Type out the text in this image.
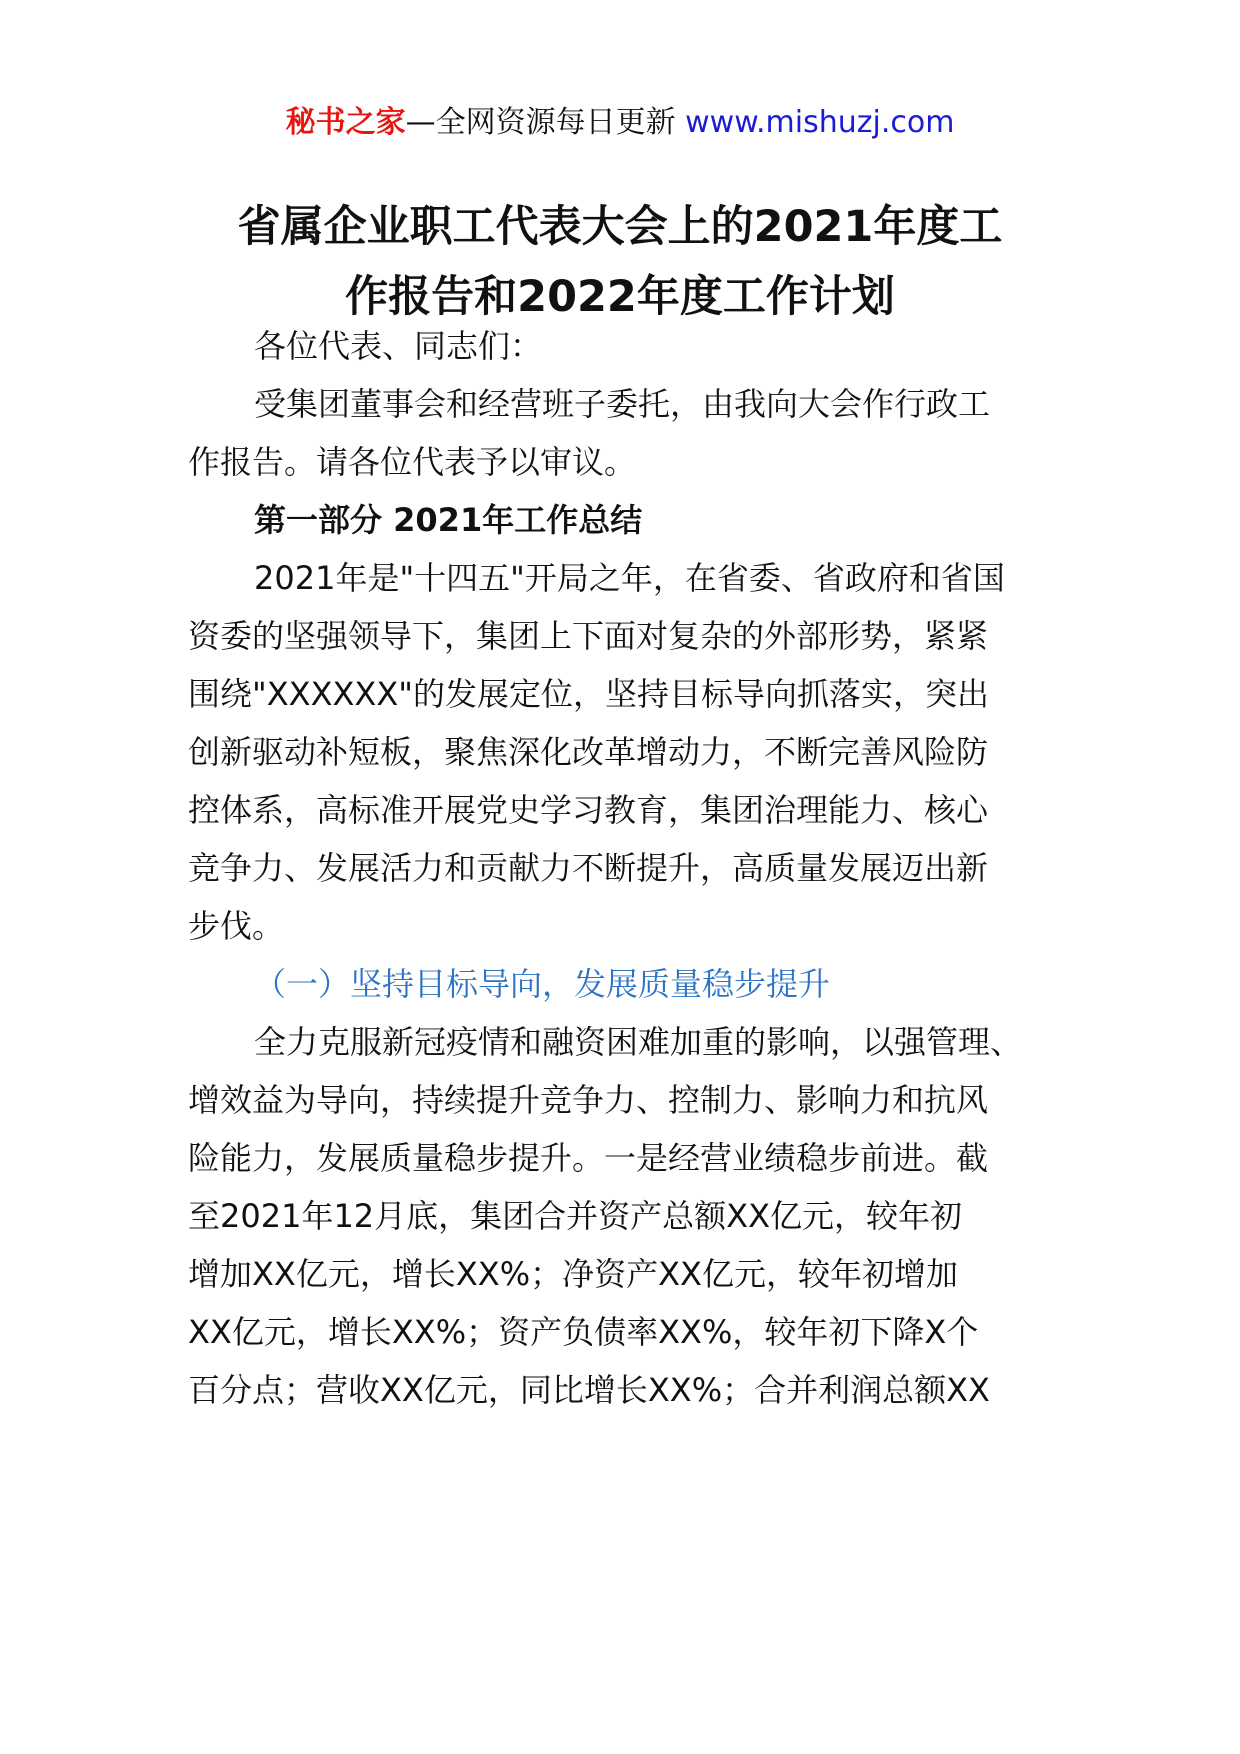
秘书之家—全网资源每日更新 www.mishuzj.com
省属企业职工代表大会上的2021年度工
作报告和2022年度工作计划
各位代表、同志们：
受集团董事会和经营班子委托，由我向大会作行政工
作报告。请各位代表予以审议。
第一部分 2021年工作总结
2021年是"十四五"开局之年，在省委、省政府和省国
资委的坚强领导下，集团上下面对复杂的外部形势，紧紧
围绕"XXXXXX"的发展定位，坚持目标导向抓落实，突出
创新驱动补短板，聚焦深化改革增动力，不断完善风险防
控体系，高标准开展党史学习教育，集团治理能力、核心
竞争力、发展活力和贡献力不断提升，高质量发展迈出新
步伐。
（一）坚持目标导向，发展质量稳步提升
全力克服新冠疫情和融资困难加重的影响，以强管理、
增效益为导向，持续提升竞争力、控制力、影响力和抗风
险能力，发展质量稳步提升。一是经营业绩稳步前进。截
至2021年12月底，集团合并资产总额XX亿元，较年初
增加XX亿元，增长XX%；净资产XX亿元，较年初增加
XX亿元，增长XX%；资产负债率XX%，较年初下降X个
百分点；营收XX亿元，同比增长XX%；合并利润总额XX
